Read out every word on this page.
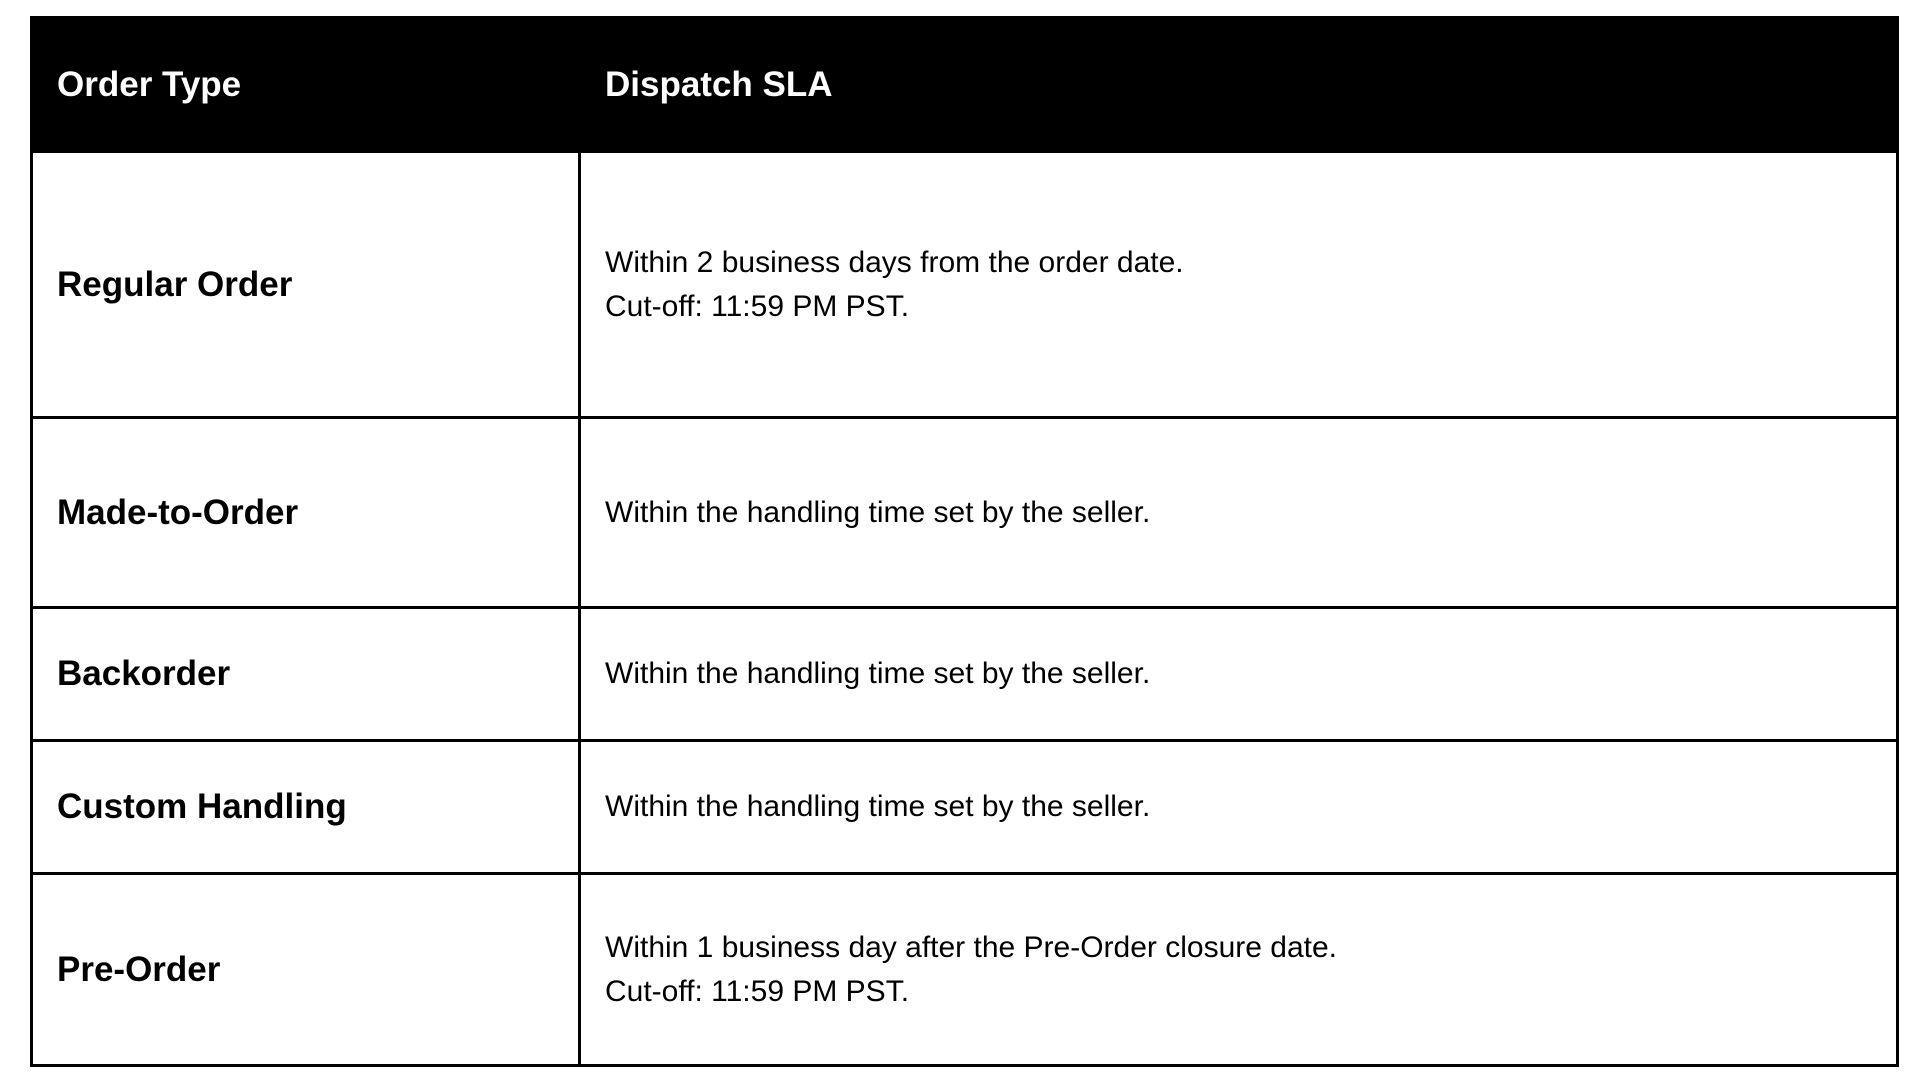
Order Type	Dispatch SLA
Regular Order	Within 2 business days from the order date.
Cut-off: 11:59 PM PST.

Made-to-Order	Within the handling time set by the seller.

Backorder	Within the handling time set by the seller.

Custom Handling	Within the handling time set by the seller.

Pre-Order	Within 1 business day after the Pre-Order closure date.
Cut-off: 11:59 PM PST.
